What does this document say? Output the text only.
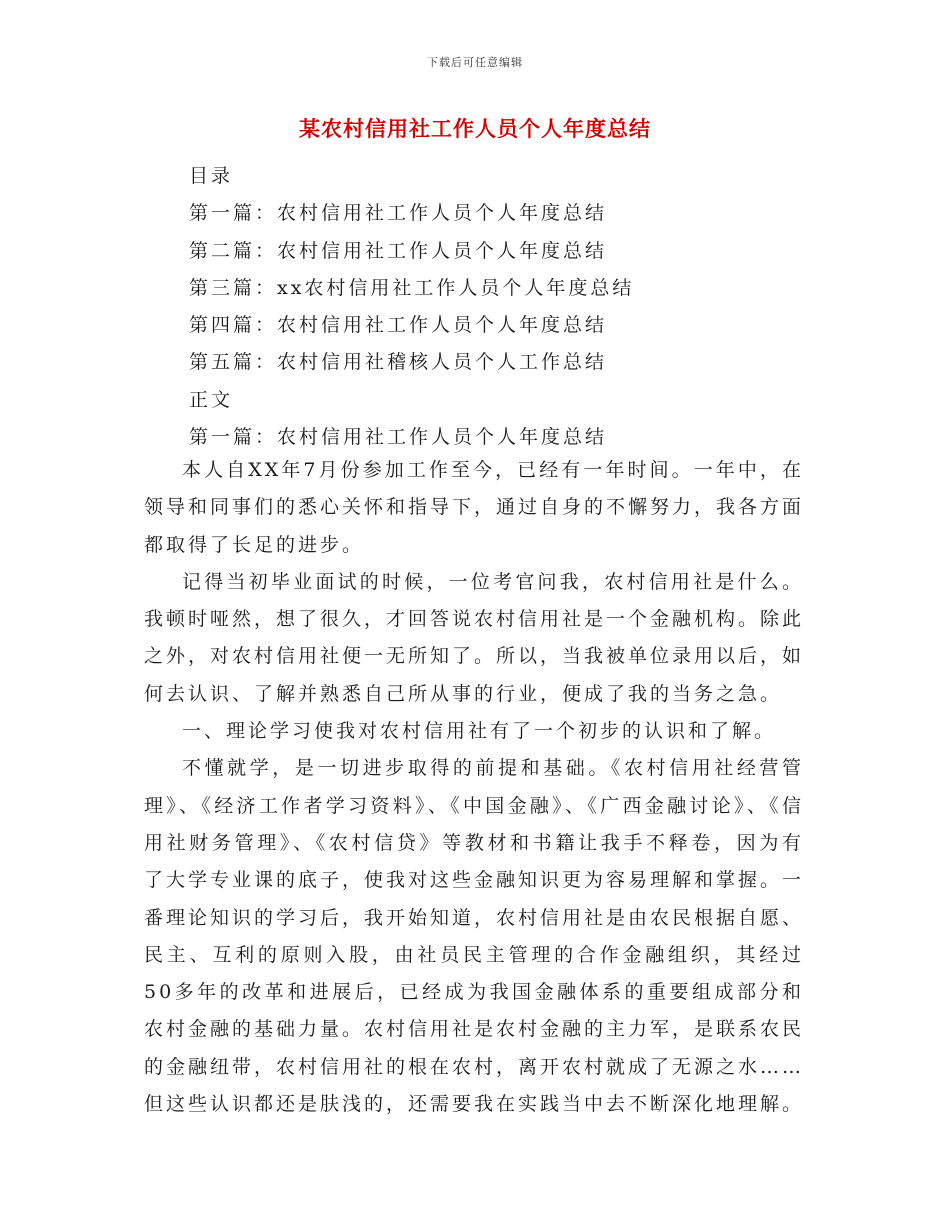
下载后可任意编辑
某农村信用社工作人员个人年度总结
目录
第一篇：农村信用社工作人员个人年度总结
第二篇：农村信用社工作人员个人年度总结
第三篇：xx农村信用社工作人员个人年度总结
第四篇：农村信用社工作人员个人年度总结
第五篇：农村信用社稽核人员个人工作总结
正文
第一篇：农村信用社工作人员个人年度总结

本人自XX年7月份参加工作至今，已经有一年时间。一年中，在领导和同事们的悉心关怀和指导下，通过自身的不懈努力，我各方面都取得了长足的进步。

记得当初毕业面试的时候，一位考官问我，农村信用社是什么。我顿时哑然，想了很久，才回答说农村信用社是一个金融机构。除此之外，对农村信用社便一无所知了。所以，当我被单位录用以后，如何去认识、了解并熟悉自己所从事的行业，便成了我的当务之急。

一、理论学习使我对农村信用社有了一个初步的认识和了解。

不懂就学，是一切进步取得的前提和基础。《农村信用社经营管理》、《经济工作者学习资料》、《中国金融》、《广西金融讨论》、《信用社财务管理》、《农村信贷》等教材和书籍让我手不释卷，因为有了大学专业课的底子，使我对这些金融知识更为容易理解和掌握。一番理论知识的学习后，我开始知道，农村信用社是由农民根据自愿、民主、互利的原则入股，由社员民主管理的合作金融组织，其经过50多年的改革和进展后，已经成为我国金融体系的重要组成部分和农村金融的基础力量。农村信用社是农村金融的主力军，是联系农民的金融纽带，农村信用社的根在农村，离开农村就成了无源之水……但这些认识都还是肤浅的，还需要我在实践当中去不断深化地理解。
